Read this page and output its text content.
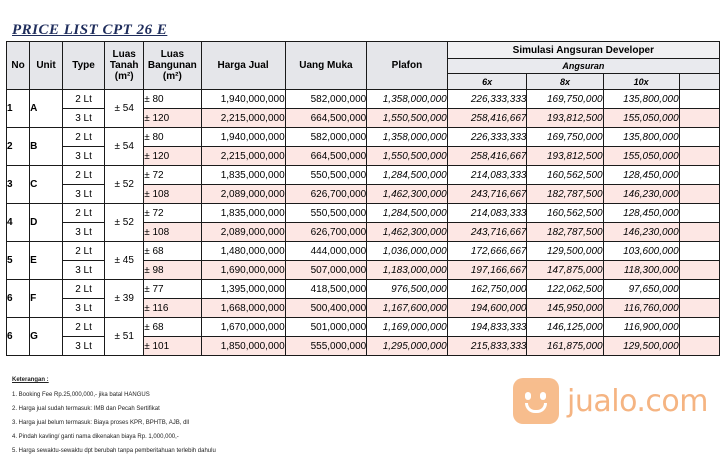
PRICE LIST CPT 26 E
No	Unit	Type	Luas Tanah (m²)	Luas Bangunan (m²)	Harga Jual	Uang Muka	Plafon	Simulasi Angsuran Developer			
								Angsuran			
								6x	8x	10x	
1	A	2 Lt	± 54	± 80	1,940,000,000	582,000,000	1,358,000,000	226,333,333	169,750,000	135,800,000	
		3 Lt		± 120	2,215,000,000	664,500,000	1,550,500,000	258,416,667	193,812,500	155,050,000	
2	B	2 Lt	± 54	± 80	1,940,000,000	582,000,000	1,358,000,000	226,333,333	169,750,000	135,800,000	
		3 Lt		± 120	2,215,000,000	664,500,000	1,550,500,000	258,416,667	193,812,500	155,050,000	
3	C	2 Lt	± 52	± 72	1,835,000,000	550,500,000	1,284,500,000	214,083,333	160,562,500	128,450,000	
		3 Lt		± 108	2,089,000,000	626,700,000	1,462,300,000	243,716,667	182,787,500	146,230,000	
4	D	2 Lt	± 52	± 72	1,835,000,000	550,500,000	1,284,500,000	214,083,333	160,562,500	128,450,000	
		3 Lt		± 108	2,089,000,000	626,700,000	1,462,300,000	243,716,667	182,787,500	146,230,000	
5	E	2 Lt	± 45	± 68	1,480,000,000	444,000,000	1,036,000,000	172,666,667	129,500,000	103,600,000	
		3 Lt		± 98	1,690,000,000	507,000,000	1,183,000,000	197,166,667	147,875,000	118,300,000	
6	F	2 Lt	± 39	± 77	1,395,000,000	418,500,000	976,500,000	162,750,000	122,062,500	97,650,000	
		3 Lt		± 116	1,668,000,000	500,400,000	1,167,600,000	194,600,000	145,950,000	116,760,000	
6	G	2 Lt	± 51	± 68	1,670,000,000	501,000,000	1,169,000,000	194,833,333	146,125,000	116,900,000	
		3 Lt		± 101	1,850,000,000	555,000,000	1,295,000,000	215,833,333	161,875,000	129,500,000	
Keterangan :
1. Booking Fee Rp.25,000,000,- jika batal HANGUS
2. Harga jual sudah termasuk: IMB dan Pecah Sertifikat
3. Harga jual belum termasuk: Biaya proses KPR, BPHTB, AJB, dll
4. Pindah kavling/ ganti nama dikenakan biaya Rp. 1,000,000,-
5. Harga sewaktu-sewaktu dpt berubah tanpa pemberitahuan terlebih dahulu
jualo.com
